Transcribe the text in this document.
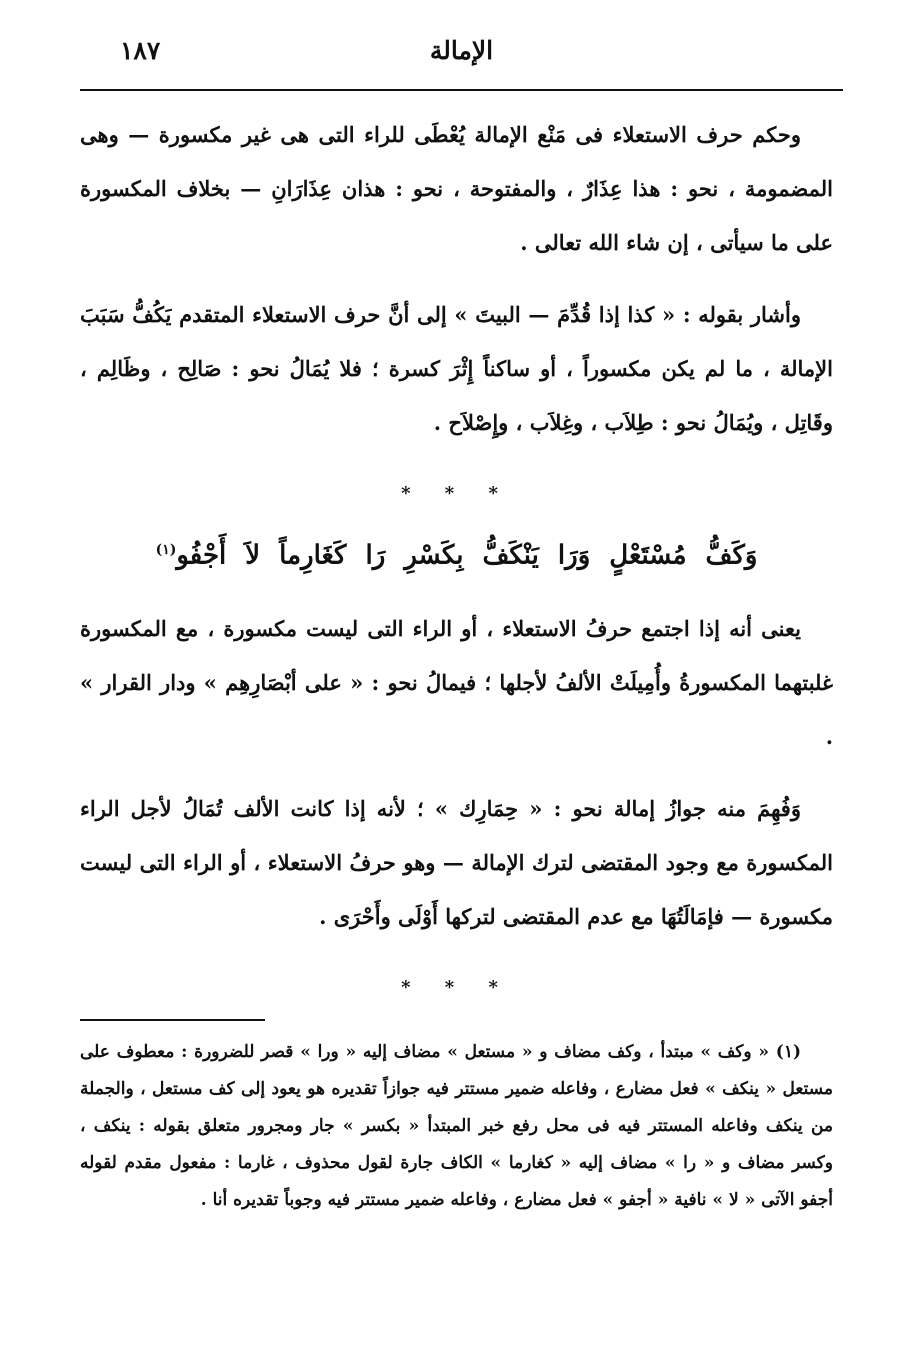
الإمالة
١٨٧

وحكم حرف الاستعلاء فى مَنْع الإمالة يُعْطَى للراء التى هى غير مكسورة — وهى المضمومة ، نحو : هذا عِذَارٌ ، والمفتوحة ، نحو : هذان عِذَارَانِ — بخلاف المكسورة على ما سيأتى ، إن شاء الله تعالى .

وأشار بقوله : « كذا إذا قُدِّمَ — البيتَ » إلى أنَّ حرف الاستعلاء المتقدم يَكُفُّ سَبَبَ الإمالة ، ما لم يكن مكسوراً ، أو ساكناً إِثْرَ كسرة ؛ فلا يُمَالُ نحو : صَالِح ، وظَالِم ، وقَاتِل ، ويُمَالُ نحو : طِلاَب ، وغِلاَب ، وإِصْلاَح .

* * *
وَكَفُّ مُسْتَعْلٍ وَرَا يَنْكَفُّ بِكَسْرِ رَا كَغَارِماً لاَ أَجْفُو$^{(١)}$

يعنى أنه إذا اجتمع حرفُ الاستعلاء ، أو الراء التى ليست مكسورة ، مع المكسورة غلبتهما المكسورةُ وأُمِيلَتْ الألفُ لأجلها ؛ فيمالُ نحو : « على أبْصَارِهِم » ودار القرار » .

وَفُهِمَ منه جوازُ إمالة نحو : « حِمَارِك » ؛ لأنه إذا كانت الألف تُمَالُ لأجل الراء المكسورة مع وجود المقتضى لترك الإمالة — وهو حرفُ الاستعلاء ، أو الراء التى ليست مكسورة — فإمَالَتُهَا مع عدم المقتضى لتركها أَوْلَى وأَحْرَى .

* * *

(١) « وكف » مبتدأ ، وكف مضاف و « مستعل » مضاف إليه « ورا » قصر للضرورة : معطوف على مستعل « ينكف » فعل مضارع ، وفاعله ضمير مستتر فيه جوازاً تقديره هو يعود إلى كف مستعل ، والجملة من ينكف وفاعله المستتر فيه فى محل رفع خبر المبتدأ « بكسر » جار ومجرور متعلق بقوله : ينكف ، وكسر مضاف و « را » مضاف إليه « كغارما » الكاف جارة لقول محذوف ، غارما : مفعول مقدم لقوله أجفو الآتى « لا » نافية « أجفو » فعل مضارع ، وفاعله ضمير مستتر فيه وجوباً تقديره أنا .
